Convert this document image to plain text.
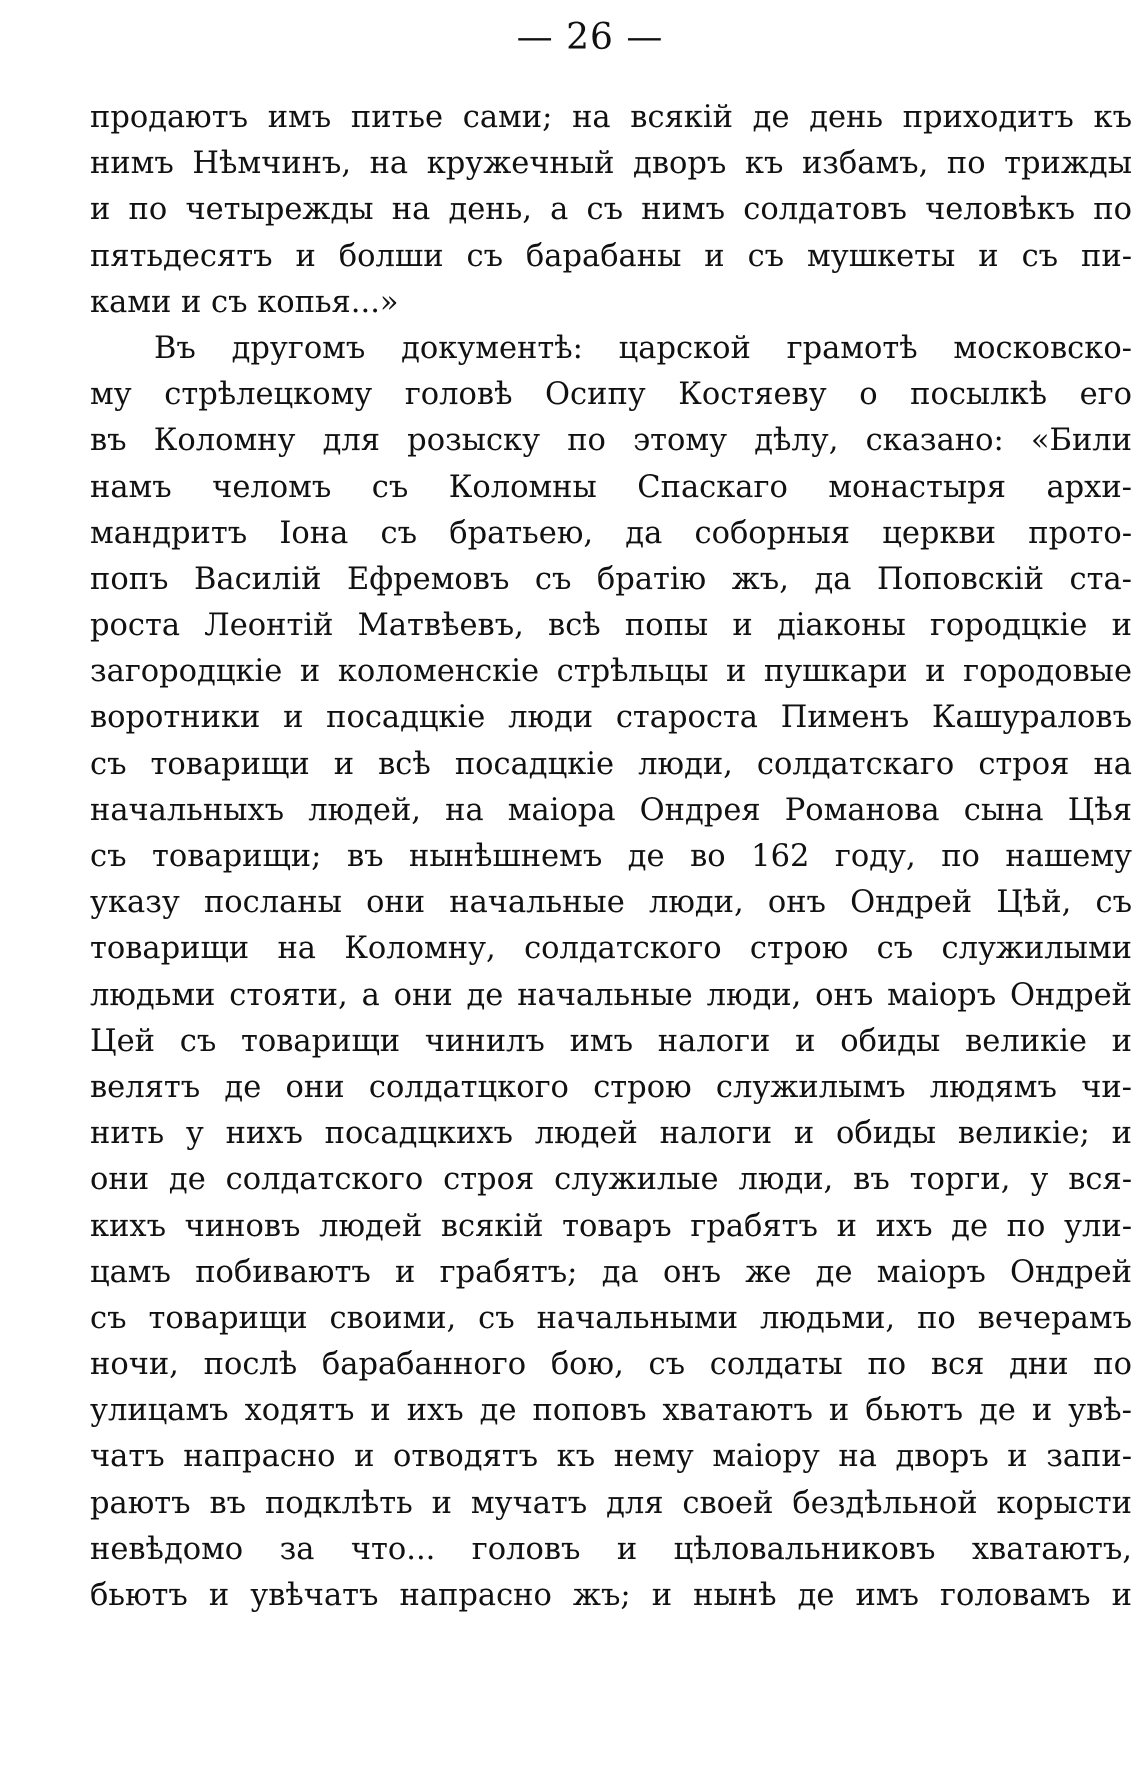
— 26 —
продаютъ имъ питье сами; на всякій де день приходитъ къ
нимъ Нѣмчинъ, на кружечный дворъ къ избамъ, по трижды
и по четырежды на день, а съ нимъ солдатовъ человѣкъ по
пятьдесятъ и болши съ барабаны и съ мушкеты и съ пи-
ками и съ копья...»
Въ другомъ документѣ: царской грамотѣ московско-
му стрѣлецкому головѣ Осипу Костяеву о посылкѣ его
въ Коломну для розыску по этому дѣлу, сказано: «Били
намъ челомъ съ Коломны Спаскаго монастыря архи-
мандритъ Іона съ братьею, да соборныя церкви прото-
попъ Василій Ефремовъ съ братію жъ, да Поповскій ста-
роста Леонтій Матвѣевъ, всѣ попы и діаконы городцкіе и
загородцкіе и коломенскіе стрѣльцы и пушкари и городовые
воротники и посадцкіе люди староста Пименъ Кашураловъ
съ товарищи и всѣ посадцкіе люди, солдатскаго строя на
начальныхъ людей, на маіора Ондрея Романова сына Цѣя
съ товарищи; въ нынѣшнемъ де во 162 году, по нашему
указу посланы они начальные люди, онъ Ондрей Цѣй, съ
товарищи на Коломну, солдатского строю съ служилыми
людьми стояти, а они де начальные люди, онъ маіоръ Ондрей
Цей съ товарищи чинилъ имъ налоги и обиды великіе и
велятъ де они солдатцкого строю служилымъ людямъ чи-
нить у нихъ посадцкихъ людей налоги и обиды великіе; и
они де солдатского строя служилые люди, въ торги, у вся-
кихъ чиновъ людей всякій товаръ грабятъ и ихъ де по ули-
цамъ побиваютъ и грабятъ; да онъ же де маіоръ Ондрей
съ товарищи своими, съ начальными людьми, по вечерамъ
ночи, послѣ барабанного бою, съ солдаты по вся дни по
улицамъ ходятъ и ихъ де поповъ хватаютъ и бьютъ де и увѣ-
чатъ напрасно и отводятъ къ нему маіору на дворъ и запи-
раютъ въ подклѣть и мучатъ для своей бездѣльной корысти
невѣдомо за что... головъ и цѣловальниковъ хватаютъ,
бьютъ и увѣчатъ напрасно жъ; и нынѣ де имъ головамъ и
